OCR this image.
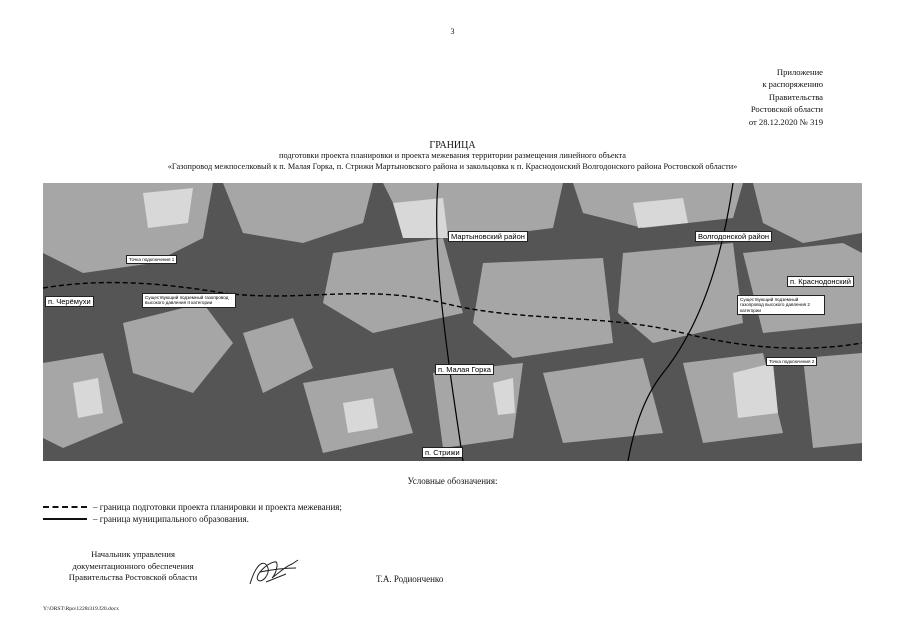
3
Приложение
к распоряжению
Правительства
Ростовской области
от 28.12.2020 № 319
ГРАНИЦА
подготовки проекта планировки и проекта межевания территории размещения линейного объекта
«Газопровод межпоселковый к п. Малая Горка, п. Стрижи Мартыновского района и закольцовка к п. Краснодонский Волгодонского района Ростовской области»
Мартыновский район	Волгодонской район
п. Краснодонский
п. Черёмухи
п. Малая Горка
п. Стрижи
Точка подключения 1
Точка подключения 2
Существующий подземный газопровод высокого давления II категории
Существующий подземный газопровод высокого давления 2 категории
Условные обозначения:
– граница подготовки проекта планировки и проекта межевания;
– граница муниципального образования.
Начальник управления
документационного обеспечения
Правительства Ростовской области	Т.А. Родионченко
Y:\ORST\Rpo\1228r319.f20.docx
